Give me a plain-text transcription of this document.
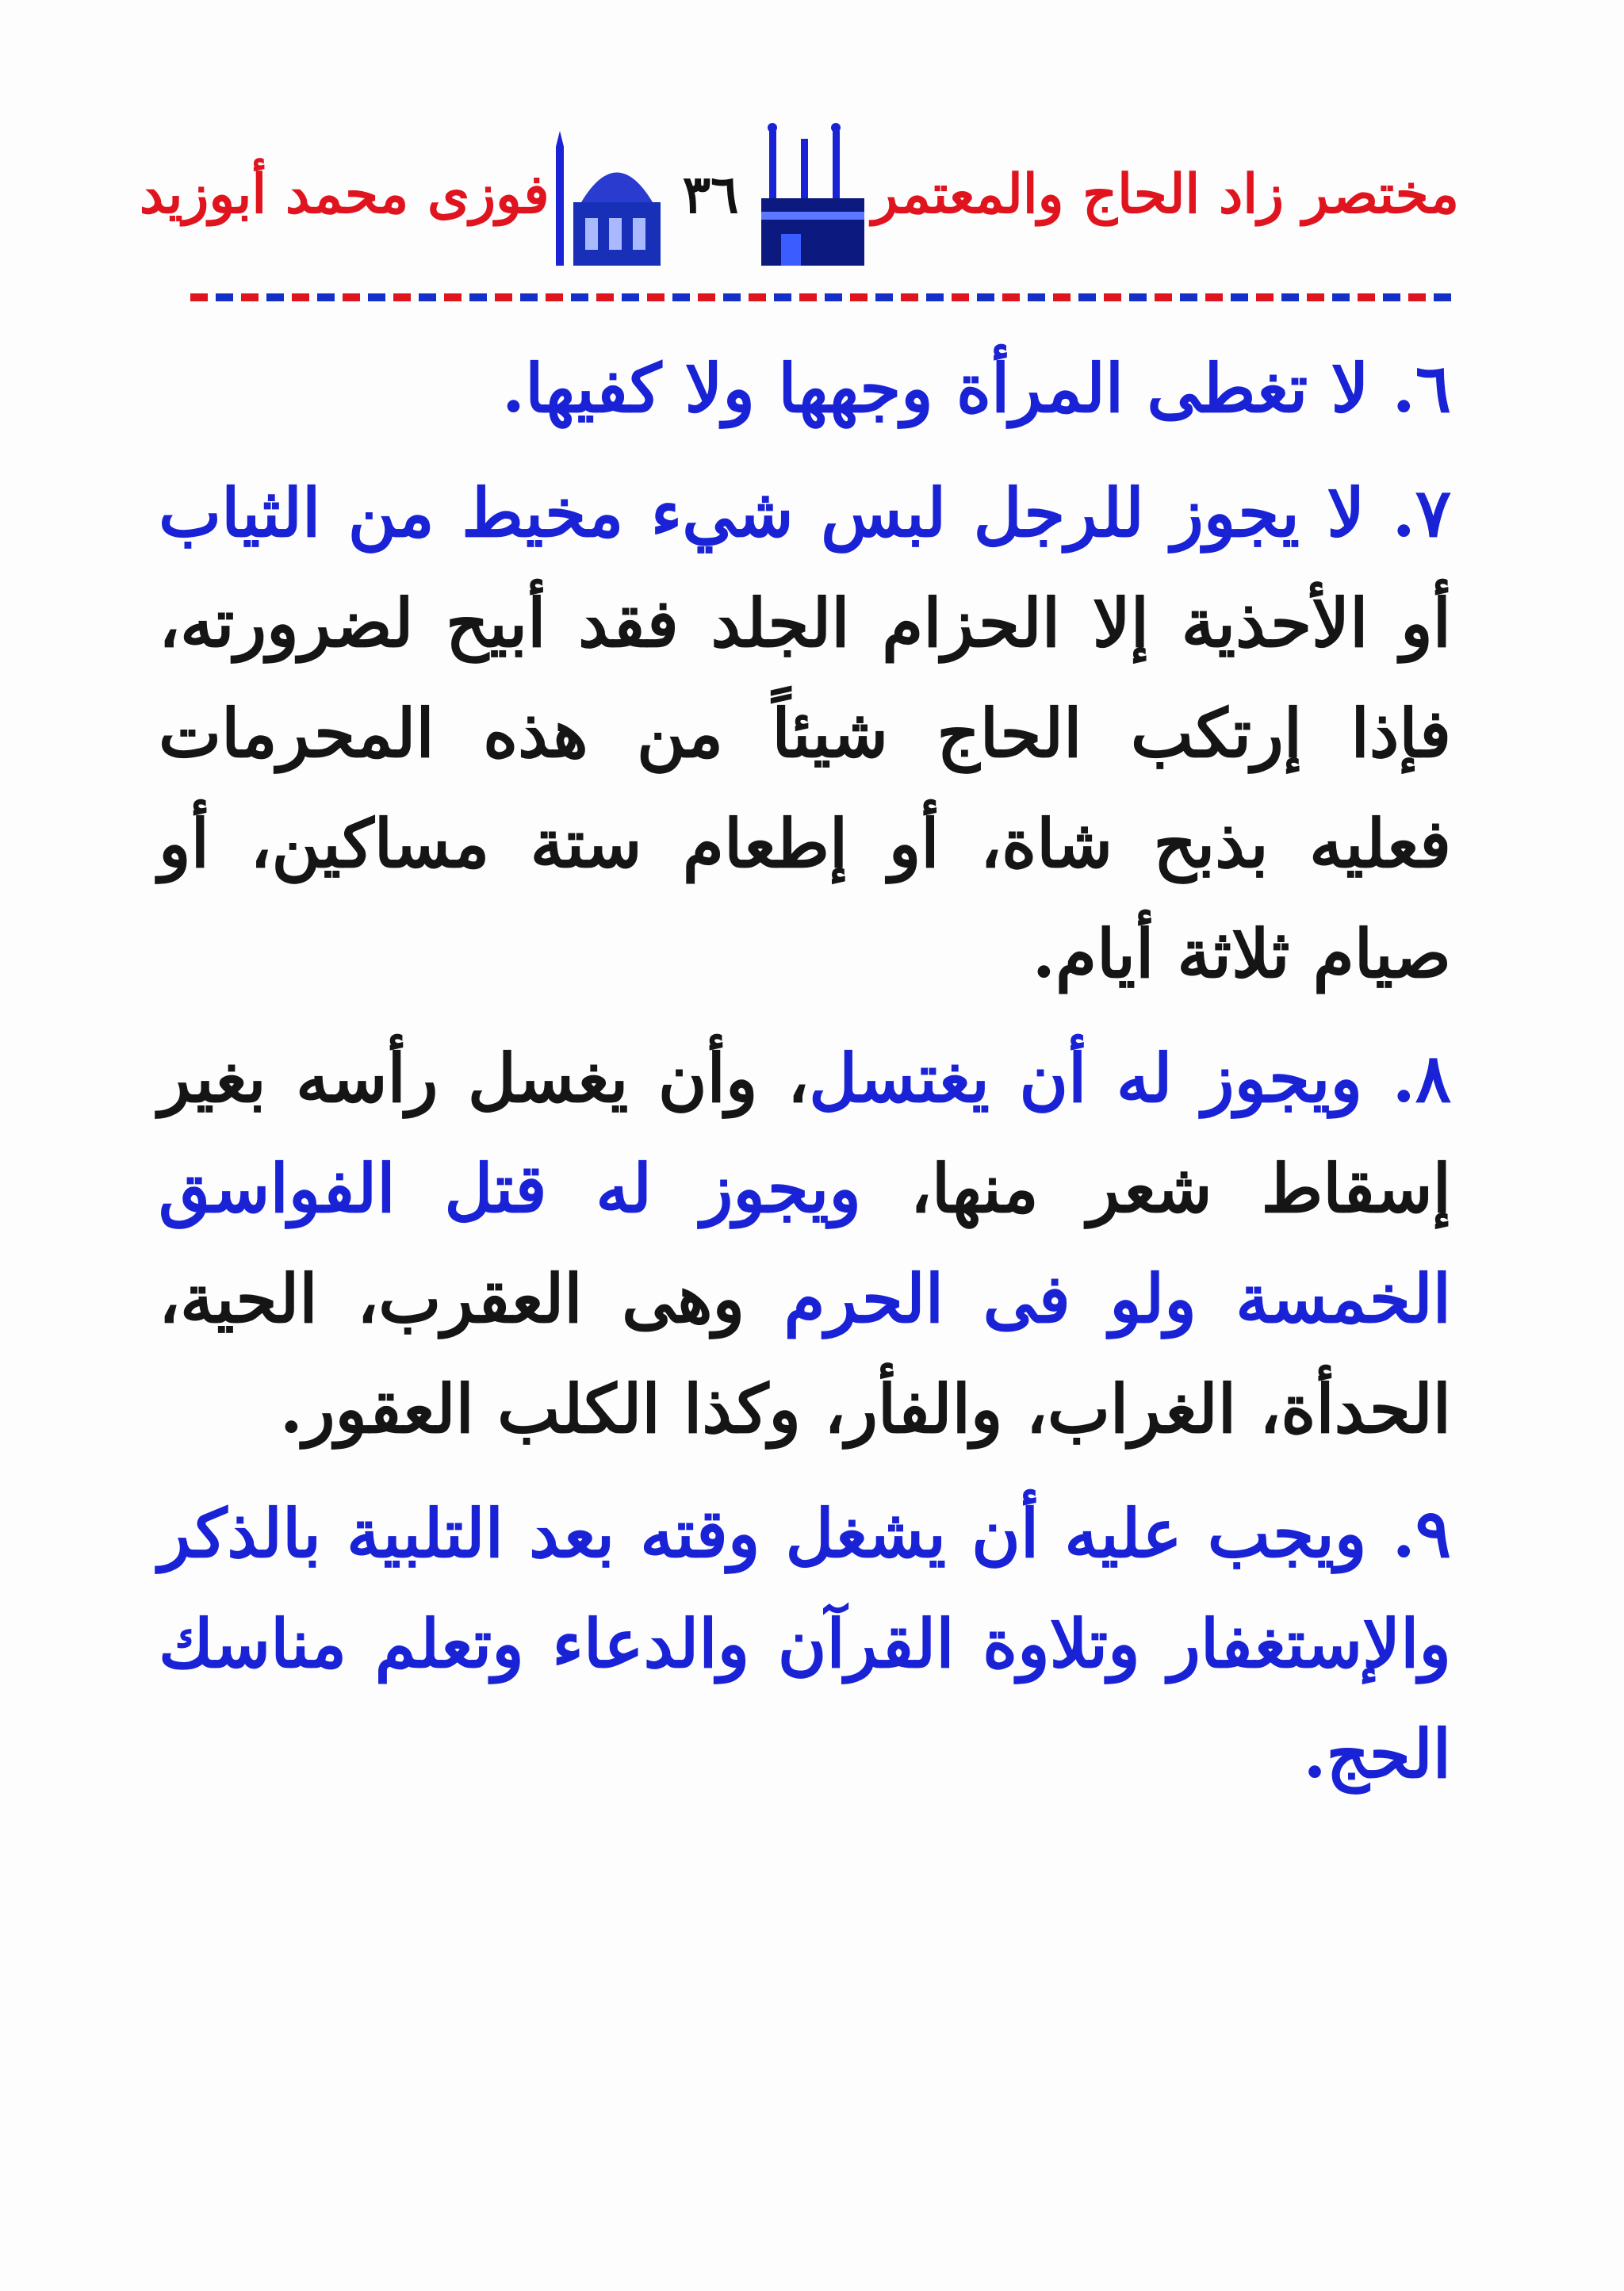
مختصر زاد الحاج والمعتمر
٣٦
فوزى محمد أبوزيد

٦. لا تغطى المرأة وجهها ولا كفيها.

٧. لا يجوز للرجل لبس شيء مخيط من الثياب أو الأحذية إلا الحزام الجلد فقد أبيح لضرورته، فإذا إرتكب الحاج شيئاً من هذه المحرمات فعليه بذبح شاة، أو إطعام ستة مساكين، أو صيام ثلاثة أيام.

٨. ويجوز له أن يغتسل، وأن يغسل رأسه بغير إسقاط شعر منها، ويجوز له قتل الفواسق الخمسة ولو فى الحرم وهى العقرب، الحية، الحدأة، الغراب، والفأر، وكذا الكلب العقور.

٩. ويجب عليه أن يشغل وقته بعد التلبية بالذكر والإستغفار وتلاوة القرآن والدعاء وتعلم مناسك الحج.
